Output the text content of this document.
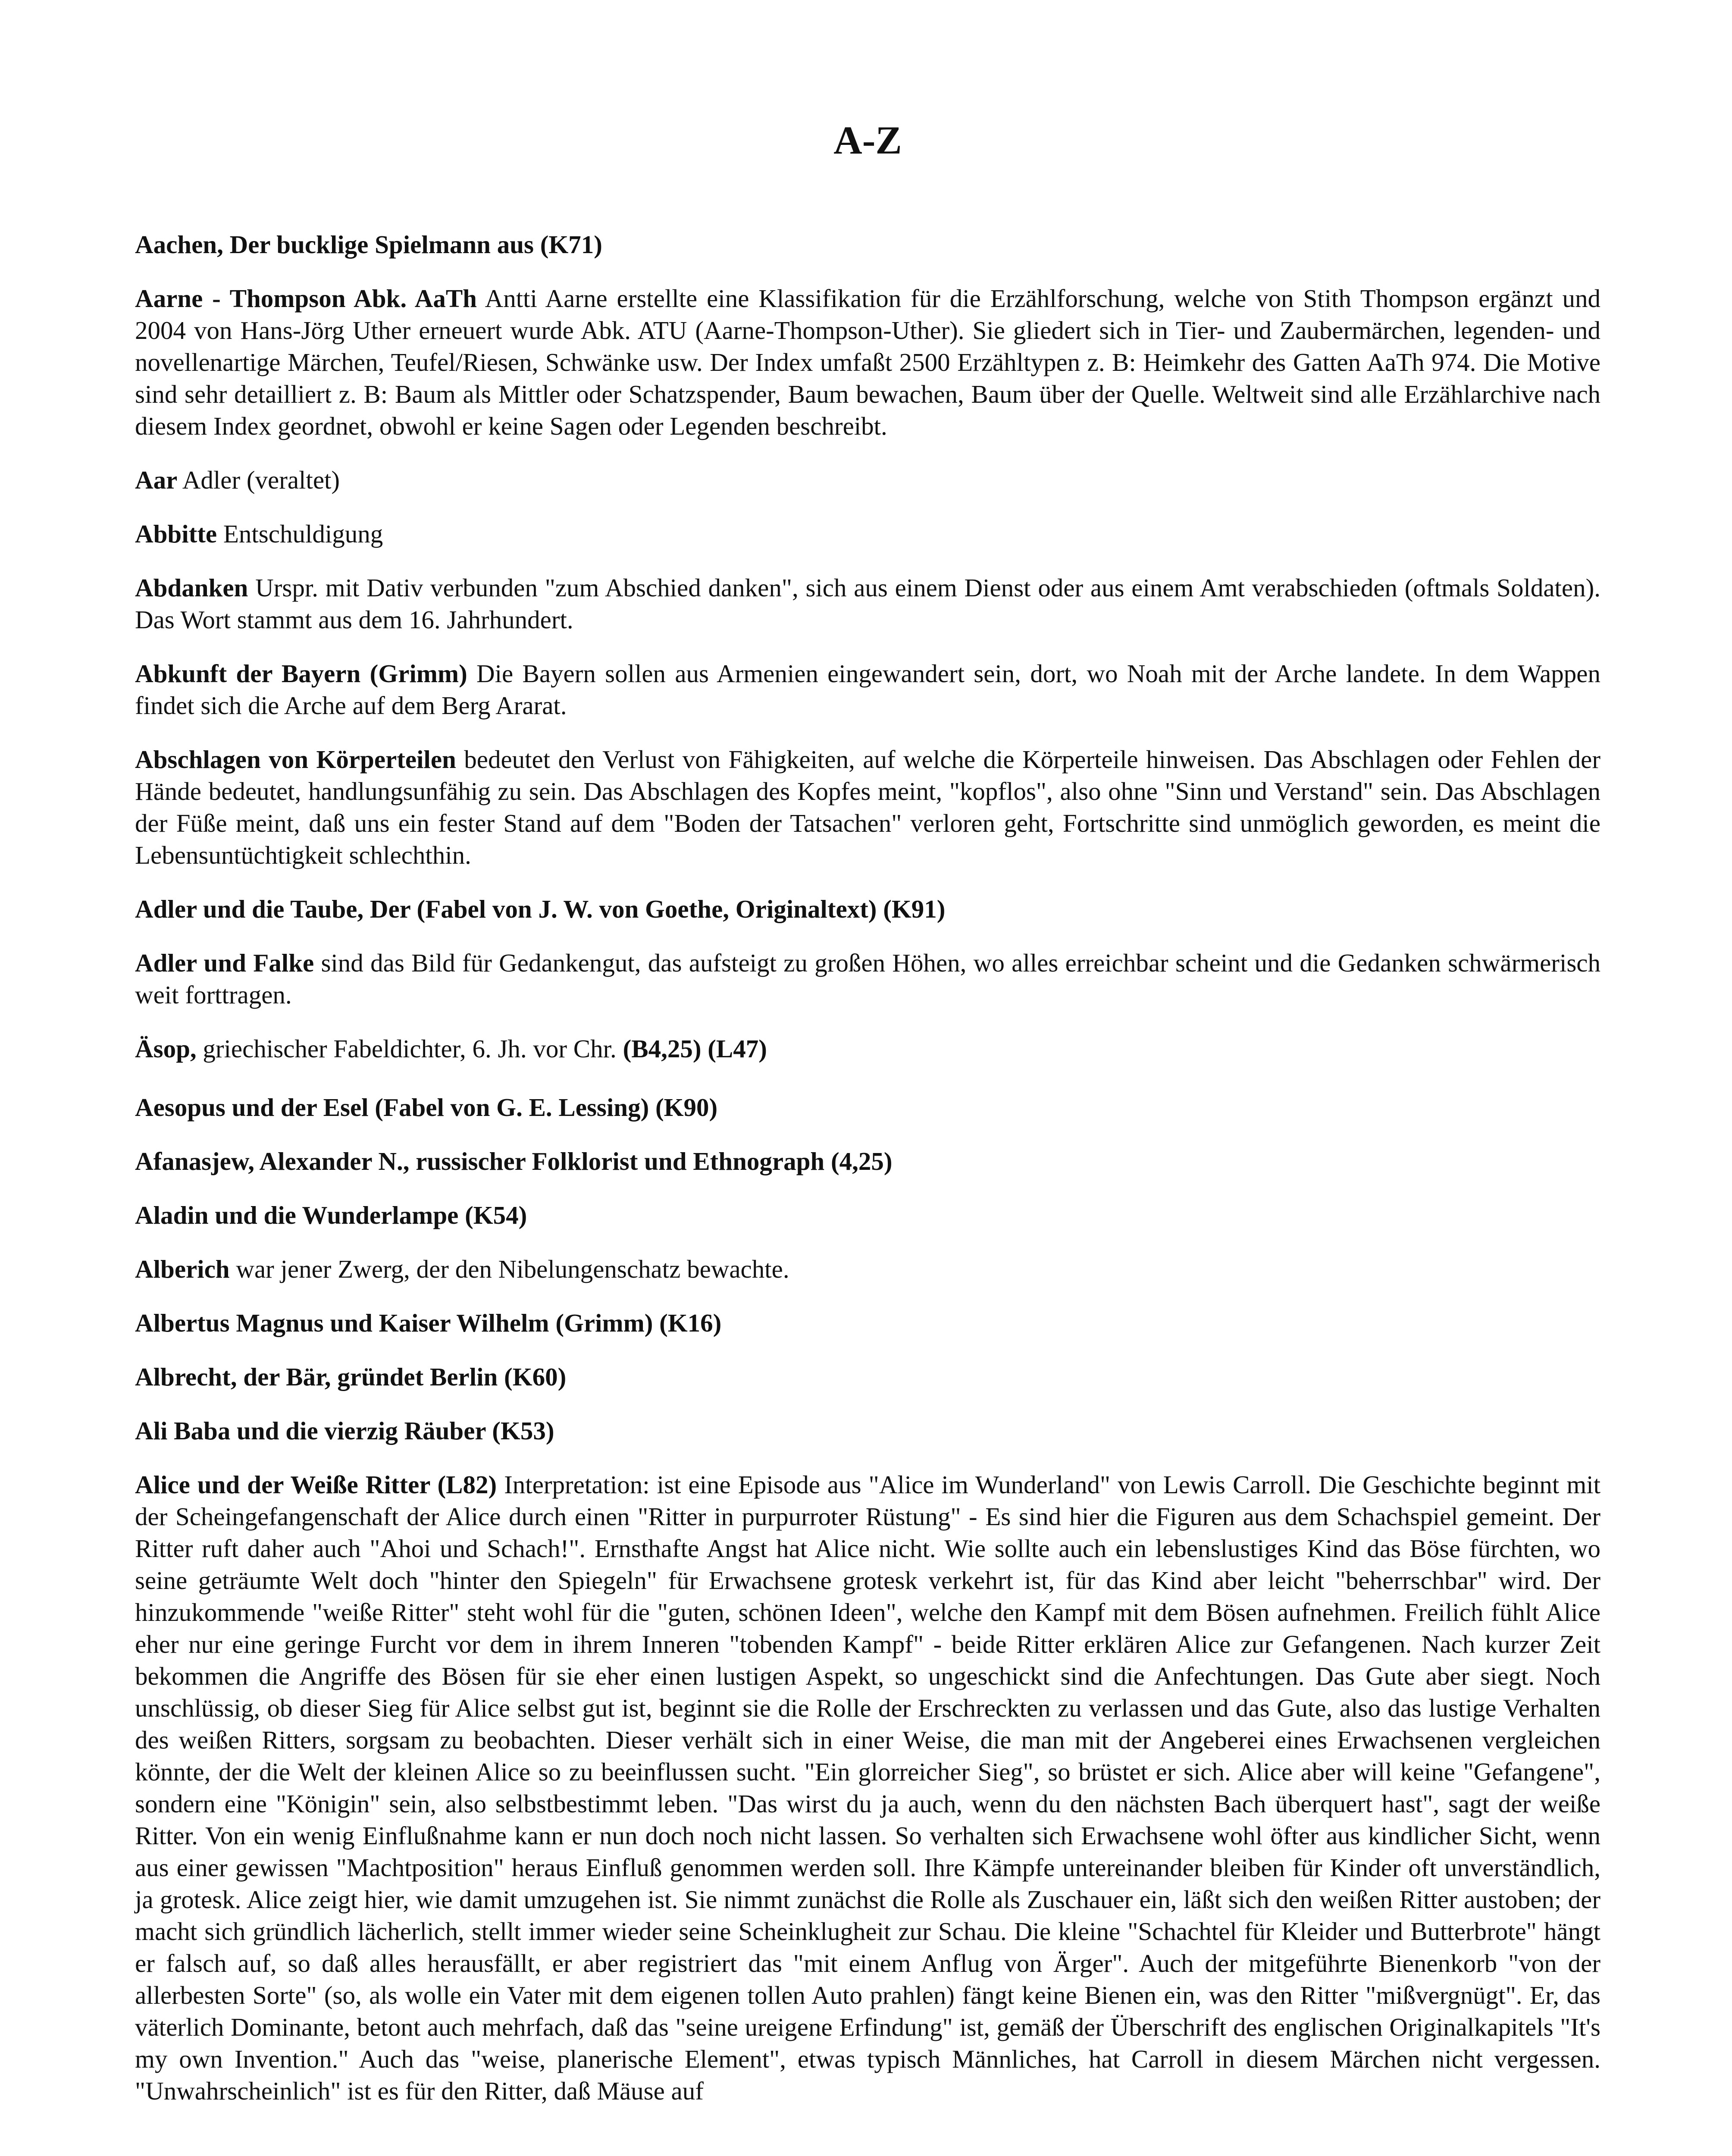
A-Z

Aachen, Der bucklige Spielmann aus (K71)

Aarne - Thompson Abk. AaTh Antti Aarne erstellte eine Klassifikation für die Erzählforschung, welche von Stith Thompson ergänzt und 2004 von Hans-Jörg Uther erneuert wurde Abk. ATU (Aarne-Thompson-Uther). Sie gliedert sich in Tier- und Zaubermärchen, legenden- und novellenartige Märchen, Teufel/Riesen, Schwänke usw. Der Index umfaßt 2500 Erzähltypen z. B: Heimkehr des Gatten AaTh 974. Die Motive sind sehr detailliert z. B: Baum als Mittler oder Schatzspender, Baum bewachen, Baum über der Quelle. Weltweit sind alle Erzählarchive nach diesem Index geordnet, obwohl er keine Sagen oder Legenden beschreibt.

Aar Adler (veraltet)

Abbitte Entschuldigung

Abdanken Urspr. mit Dativ verbunden "zum Abschied danken", sich aus einem Dienst oder aus einem Amt verabschieden (oftmals Soldaten). Das Wort stammt aus dem 16. Jahrhundert.

Abkunft der Bayern (Grimm) Die Bayern sollen aus Armenien eingewandert sein, dort, wo Noah mit der Arche landete. In dem Wappen findet sich die Arche auf dem Berg Ararat.

Abschlagen von Körperteilen bedeutet den Verlust von Fähigkeiten, auf welche die Körperteile hinweisen. Das Abschlagen oder Fehlen der Hände bedeutet, handlungsunfähig zu sein. Das Abschlagen des Kopfes meint, "kopflos", also ohne "Sinn und Verstand" sein. Das Abschlagen der Füße meint, daß uns ein fester Stand auf dem "Boden der Tatsachen" verloren geht, Fortschritte sind unmöglich geworden, es meint die Lebensuntüchtigkeit schlechthin.

Adler und die Taube, Der (Fabel von J. W. von Goethe, Originaltext) (K91)

Adler und Falke sind das Bild für Gedankengut, das aufsteigt zu großen Höhen, wo alles erreichbar scheint und die Gedanken schwärmerisch weit forttragen.

Äsop, griechischer Fabeldichter, 6. Jh. vor Chr. (B4,25) (L47)

Aesopus und der Esel (Fabel von G. E. Lessing) (K90)

Afanasjew, Alexander N., russischer Folklorist und Ethnograph (4,25)

Aladin und die Wunderlampe (K54)

Alberich war jener Zwerg, der den Nibelungenschatz bewachte.

Albertus Magnus und Kaiser Wilhelm (Grimm) (K16)

Albrecht, der Bär, gründet Berlin (K60)

Ali Baba und die vierzig Räuber (K53)

Alice und der Weiße Ritter (L82) Interpretation: ist eine Episode aus "Alice im Wunderland" von Lewis Carroll. Die Geschichte beginnt mit der Scheingefangenschaft der Alice durch einen "Ritter in purpurroter Rüstung" - Es sind hier die Figuren aus dem Schachspiel gemeint. Der Ritter ruft daher auch "Ahoi und Schach!". Ernsthafte Angst hat Alice nicht. Wie sollte auch ein lebenslustiges Kind das Böse fürchten, wo seine geträumte Welt doch "hinter den Spiegeln" für Erwachsene grotesk verkehrt ist, für das Kind aber leicht "beherrschbar" wird. Der hinzukommende "weiße Ritter" steht wohl für die "guten, schönen Ideen", welche den Kampf mit dem Bösen aufnehmen. Freilich fühlt Alice eher nur eine geringe Furcht vor dem in ihrem Inneren "tobenden Kampf" - beide Ritter erklären Alice zur Gefangenen. Nach kurzer Zeit bekommen die Angriffe des Bösen für sie eher einen lustigen Aspekt, so ungeschickt sind die Anfechtungen. Das Gute aber siegt. Noch unschlüssig, ob dieser Sieg für Alice selbst gut ist, beginnt sie die Rolle der Erschreckten zu verlassen und das Gute, also das lustige Verhalten des weißen Ritters, sorgsam zu beobachten. Dieser verhält sich in einer Weise, die man mit der Angeberei eines Erwachsenen vergleichen könnte, der die Welt der kleinen Alice so zu beeinflussen sucht. "Ein glorreicher Sieg", so brüstet er sich. Alice aber will keine "Gefangene", sondern eine "Königin" sein, also selbstbestimmt leben. "Das wirst du ja auch, wenn du den nächsten Bach überquert hast", sagt der weiße Ritter. Von ein wenig Einflußnahme kann er nun doch noch nicht lassen. So verhalten sich Erwachsene wohl öfter aus kindlicher Sicht, wenn aus einer gewissen "Machtposition" heraus Einfluß genommen werden soll. Ihre Kämpfe untereinander bleiben für Kinder oft unverständlich, ja grotesk. Alice zeigt hier, wie damit umzugehen ist. Sie nimmt zunächst die Rolle als Zuschauer ein, läßt sich den weißen Ritter austoben; der macht sich gründlich lächerlich, stellt immer wieder seine Scheinklugheit zur Schau. Die kleine "Schachtel für Kleider und Butterbrote" hängt er falsch auf, so daß alles herausfällt, er aber registriert das "mit einem Anflug von Ärger". Auch der mitgeführte Bienenkorb "von der allerbesten Sorte" (so, als wolle ein Vater mit dem eigenen tollen Auto prahlen) fängt keine Bienen ein, was den Ritter "mißvergnügt". Er, das väterlich Dominante, betont auch mehrfach, daß das "seine ureigene Erfindung" ist, gemäß der Überschrift des englischen Originalkapitels "It's my own Invention." Auch das "weise, planerische Element", etwas typisch Männliches, hat Carroll in diesem Märchen nicht vergessen. "Unwahrscheinlich" ist es für den Ritter, daß Mäuse auf
